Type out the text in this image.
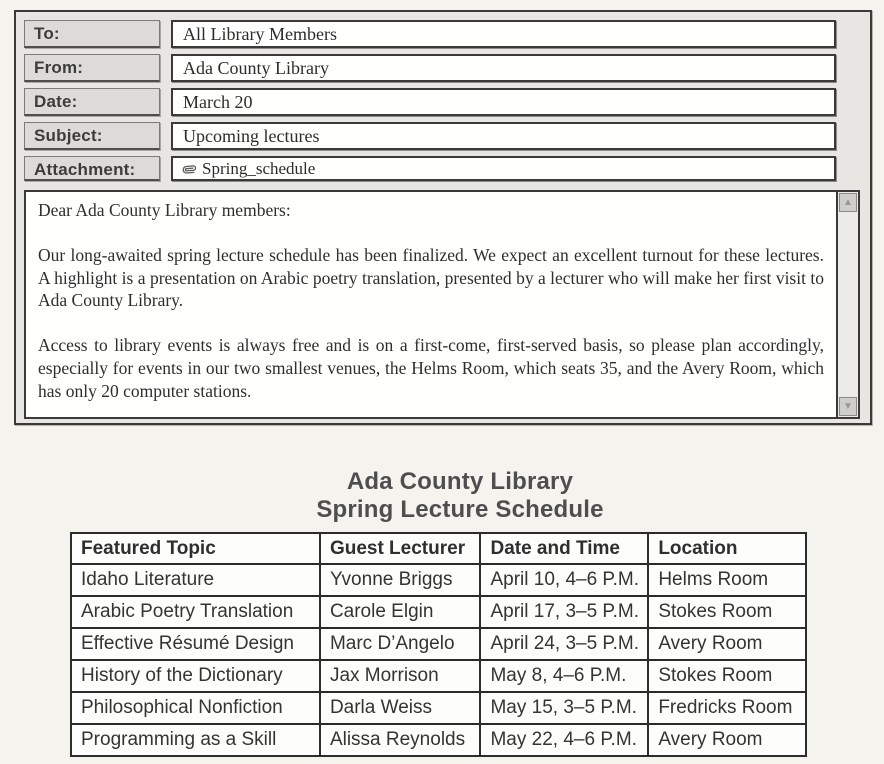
To:	All Library Members
From:	Ada County Library
Date:	March 20
Subject:	Upcoming lectures
Attachment:	Spring_schedule

Dear Ada County Library members:

Our long-awaited spring lecture schedule has been finalized. We expect an excellent turnout for these lectures. A highlight is a presentation on Arabic poetry translation, presented by a lecturer who will make her first visit to Ada County Library.

Access to library events is always free and is on a first-come, first-served basis, so please plan accordingly, especially for events in our two smallest venues, the Helms Room, which seats 35, and the Avery Room, which has only 20 computer stations.

▲
▼
Ada County Library
Spring Lecture Schedule
Featured Topic	Guest Lecturer	Date and Time	Location
Idaho Literature	Yvonne Briggs	April 10, 4–6 P.M.	Helms Room
Arabic Poetry Translation	Carole Elgin	April 17, 3–5 P.M.	Stokes Room
Effective Résumé Design	Marc D’Angelo	April 24, 3–5 P.M.	Avery Room
History of the Dictionary	Jax Morrison	May 8, 4–6 P.M.	Stokes Room
Philosophical Nonfiction	Darla Weiss	May 15, 3–5 P.M.	Fredricks Room
Programming as a Skill	Alissa Reynolds	May 22, 4–6 P.M.	Avery Room
